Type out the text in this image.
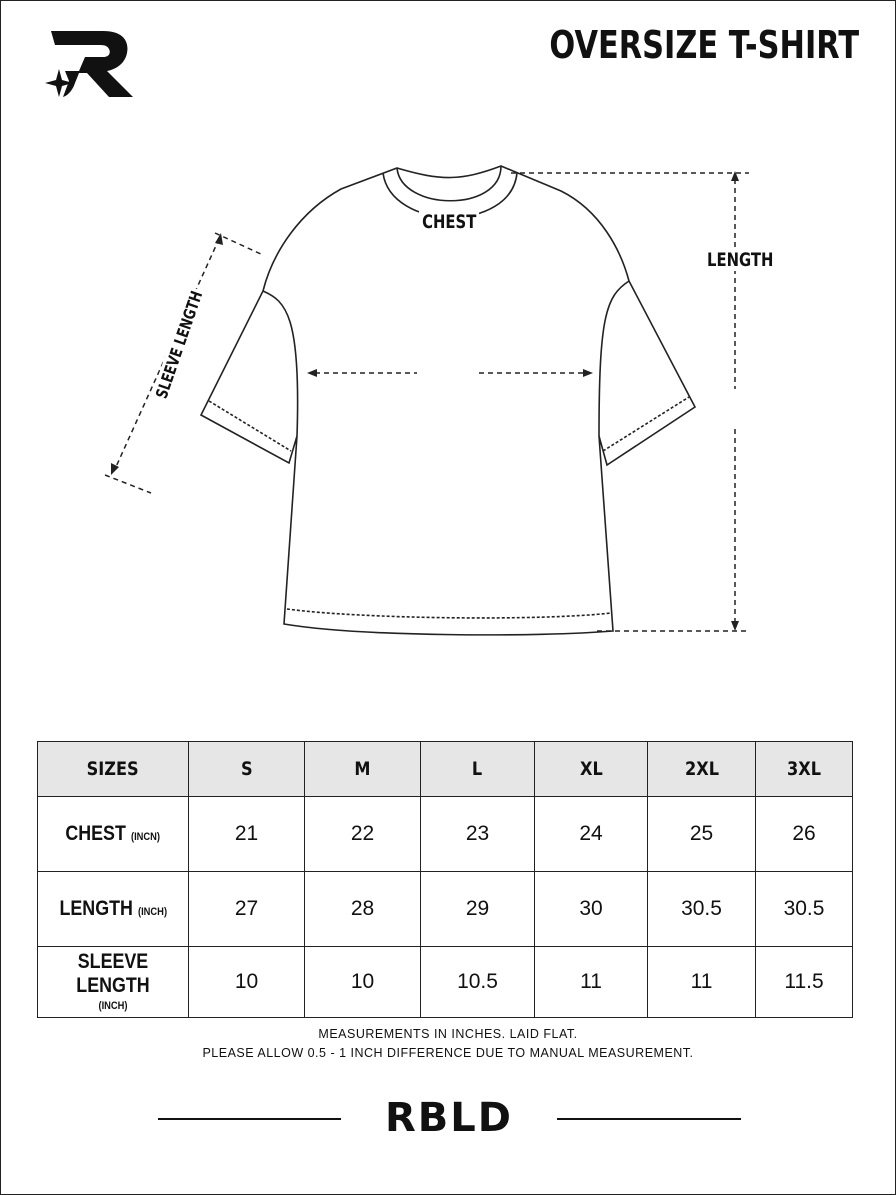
OVERSIZE T-SHIRT
CHEST
LENGTH
SLEEVE LENGTH
SIZES	S	M	L	XL	2XL	3XL
CHEST (INCN)	21	22	23	24	25	26
LENGTH (INCH)	27	28	29	30	30.5	30.5
SLEEVE LENGTH
(INCH)	10	10	10.5	11	11	11.5
MEASUREMENTS IN INCHES. LAID FLAT.
PLEASE ALLOW 0.5 - 1 INCH DIFFERENCE DUE TO MANUAL MEASUREMENT.
RBLD
